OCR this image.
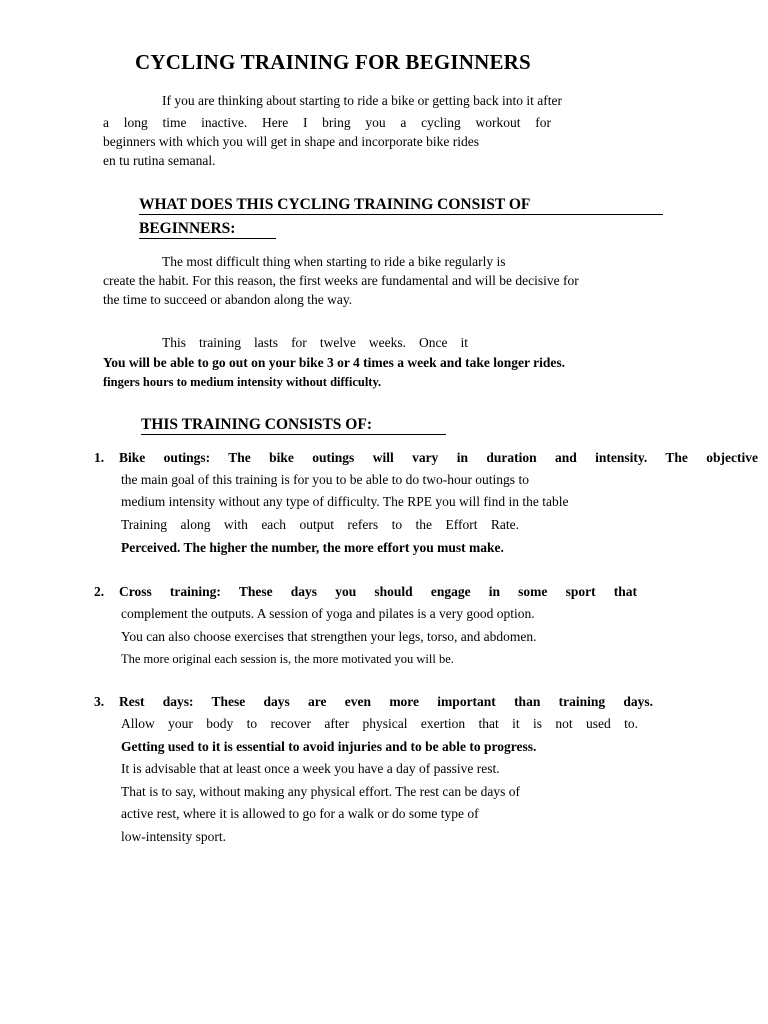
CYCLING TRAINING FOR BEGINNERS
If you are thinking about starting to ride a bike or getting back into it after
a long time inactive. Here I bring you a cycling workout for
beginners with which you will get in shape and incorporate bike rides
en tu rutina semanal.
WHAT DOES THIS CYCLING TRAINING CONSIST OF
BEGINNERS:
The most difficult thing when starting to ride a bike regularly is
create the habit. For this reason, the first weeks are fundamental and will be decisive for
the time to succeed or abandon along the way.
This training lasts for twelve weeks. Once it
You will be able to go out on your bike 3 or 4 times a week and take longer rides.
fingers hours to medium intensity without difficulty.
THIS TRAINING CONSISTS OF:
1. Bike outings: The bike outings will vary in duration and intensity. The objective
the main goal of this training is for you to be able to do two-hour outings to
medium intensity without any type of difficulty. The RPE you will find in the table
Training along with each output refers to the Effort Rate.
Perceived. The higher the number, the more effort you must make.
2. Cross training: These days you should engage in some sport that
complement the outputs. A session of yoga and pilates is a very good option.
You can also choose exercises that strengthen your legs, torso, and abdomen.
The more original each session is, the more motivated you will be.
3. Rest days: These days are even more important than training days.
Allow your body to recover after physical exertion that it is not used to.
Getting used to it is essential to avoid injuries and to be able to progress.
It is advisable that at least once a week you have a day of passive rest.
That is to say, without making any physical effort. The rest can be days of
active rest, where it is allowed to go for a walk or do some type of
low-intensity sport.
